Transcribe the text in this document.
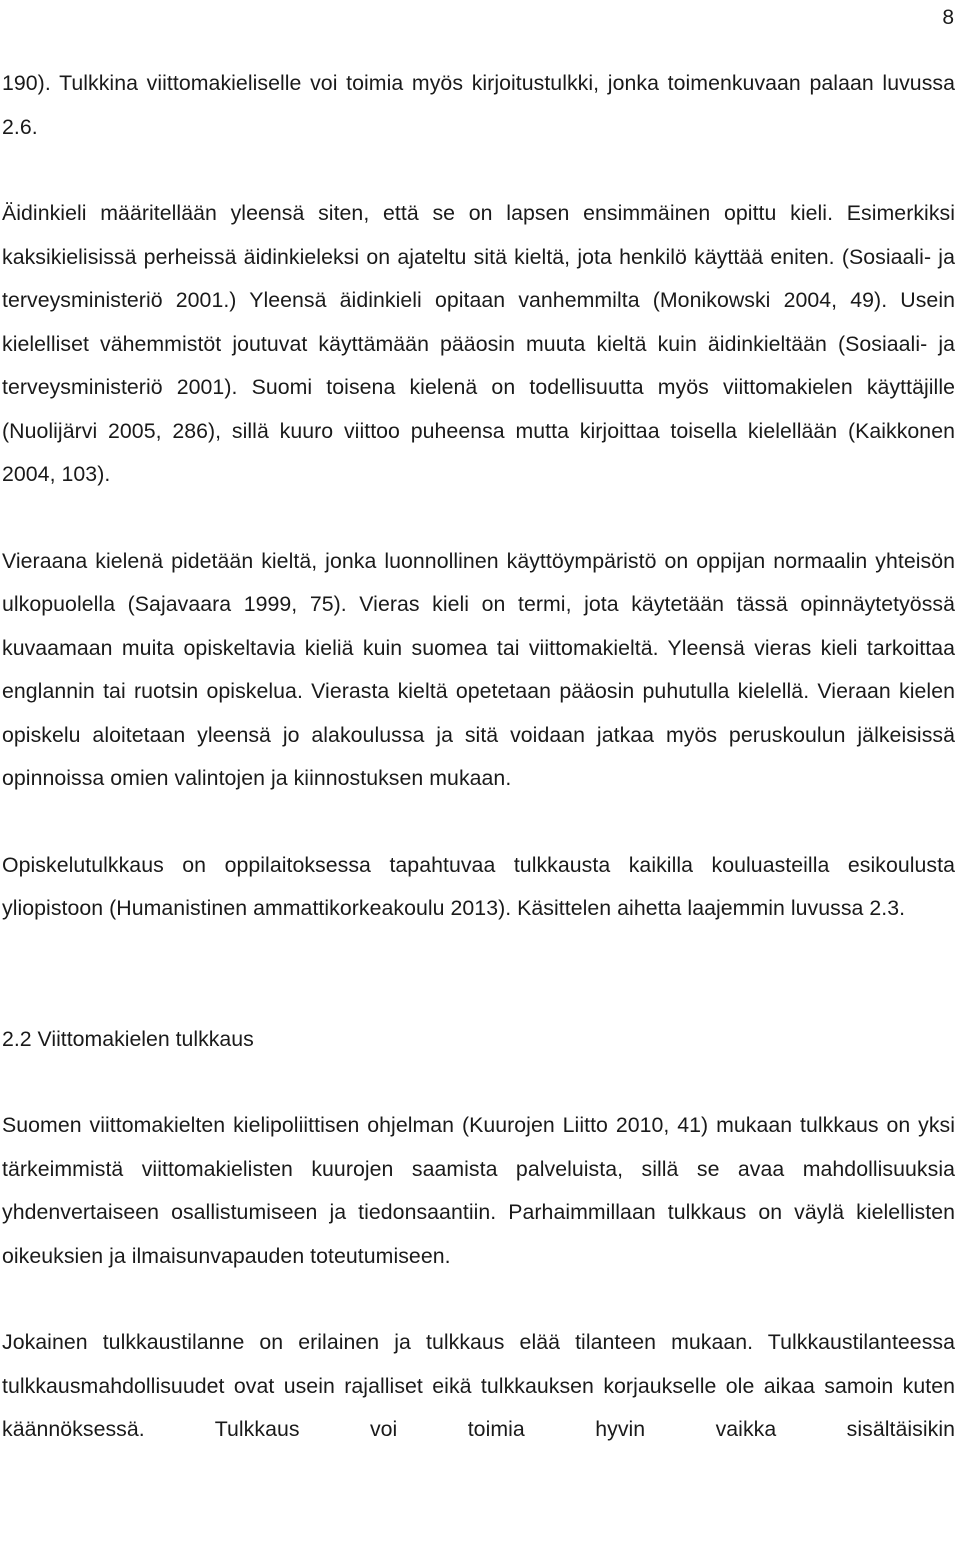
8

190). Tulkkina viittomakieliselle voi toimia myös kirjoitustulkki, jonka toimenkuvaan palaan luvussa 2.6.

Äidinkieli määritellään yleensä siten, että se on lapsen ensimmäinen opittu kieli. Esimerkiksi kaksikielisissä perheissä äidinkieleksi on ajateltu sitä kieltä, jota henkilö käyttää eniten. (Sosiaali- ja terveysministeriö 2001.) Yleensä äidinkieli opitaan vanhemmilta (Monikowski 2004, 49). Usein kielelliset vähemmistöt joutuvat käyttämään pääosin muuta kieltä kuin äidinkieltään (Sosiaali- ja terveysministeriö 2001). Suomi toisena kielenä on todellisuutta myös viittomakielen käyttäjille (Nuolijärvi 2005, 286), sillä kuuro viittoo puheensa mutta kirjoittaa toisella kielellään (Kaikkonen 2004, 103).

Vieraana kielenä pidetään kieltä, jonka luonnollinen käyttöympäristö on oppijan normaalin yhteisön ulkopuolella (Sajavaara 1999, 75). Vieras kieli on termi, jota käytetään tässä opinnäytetyössä kuvaamaan muita opiskeltavia kieliä kuin suomea tai viittomakieltä. Yleensä vieras kieli tarkoittaa englannin tai ruotsin opiskelua. Vierasta kieltä opetetaan pääosin puhutulla kielellä. Vieraan kielen opiskelu aloitetaan yleensä jo alakoulussa ja sitä voidaan jatkaa myös peruskoulun jälkeisissä opinnoissa omien valintojen ja kiinnostuksen mukaan.

Opiskelutulkkaus on oppilaitoksessa tapahtuvaa tulkkausta kaikilla kouluasteilla esikoulusta yliopistoon (Humanistinen ammattikorkeakoulu 2013). Käsittelen aihetta laajemmin luvussa 2.3.

2.2 Viittomakielen tulkkaus

Suomen viittomakielten kielipoliittisen ohjelman (Kuurojen Liitto 2010, 41) mukaan tulkkaus on yksi tärkeimmistä viittomakielisten kuurojen saamista palveluista, sillä se avaa mahdollisuuksia yhdenvertaiseen osallistumiseen ja tiedonsaantiin. Parhaimmillaan tulkkaus on väylä kielellisten oikeuksien ja ilmaisunvapauden toteutumiseen.

Jokainen tulkkaustilanne on erilainen ja tulkkaus elää tilanteen mukaan. Tulkkaustilanteessa tulkkausmahdollisuudet ovat usein rajalliset eikä tulkkauksen korjaukselle ole aikaa samoin kuten käännöksessä. Tulkkaus voi toimia hyvin vaikka sisältäisikin
